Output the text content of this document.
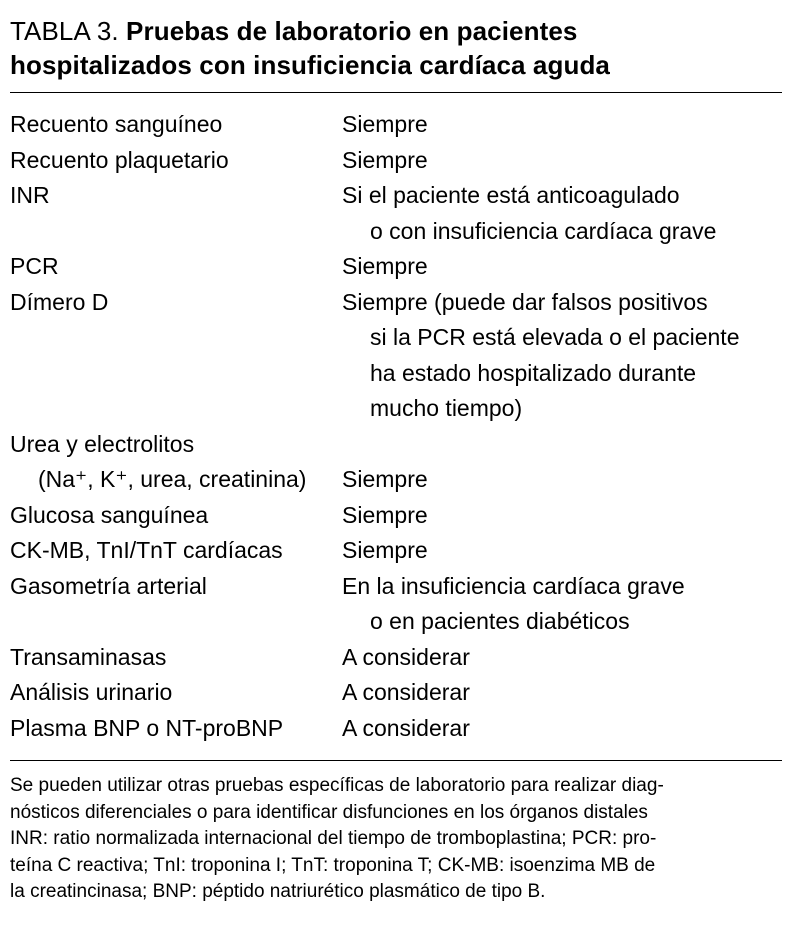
TABLA 3. Pruebas de laboratorio en pacientes
hospitalizados con insuficiencia cardíaca aguda
Recuento sanguíneo	Siempre
Recuento plaquetario	Siempre
INR	Si el paciente está anticoagulado
o con insuficiencia cardíaca grave
PCR	Siempre
Dímero D	Siempre (puede dar falsos positivos
si la PCR está elevada o el paciente
ha estado hospitalizado durante
mucho tiempo)
Urea y electrolitos
(Na⁺, K⁺, urea, creatinina)	Siempre
Glucosa sanguínea	Siempre
CK-MB, TnI/TnT cardíacas	Siempre
Gasometría arterial	En la insuficiencia cardíaca grave
o en pacientes diabéticos
Transaminasas	A considerar
Análisis urinario	A considerar
Plasma BNP o NT-proBNP	A considerar
Se pueden utilizar otras pruebas específicas de laboratorio para realizar diag-
nósticos diferenciales o para identificar disfunciones en los órganos distales
INR: ratio normalizada internacional del tiempo de tromboplastina; PCR: pro-
teína C reactiva; TnI: troponina I; TnT: troponina T; CK-MB: isoenzima MB de
la creatincinasa; BNP: péptido natriurético plasmático de tipo B.
